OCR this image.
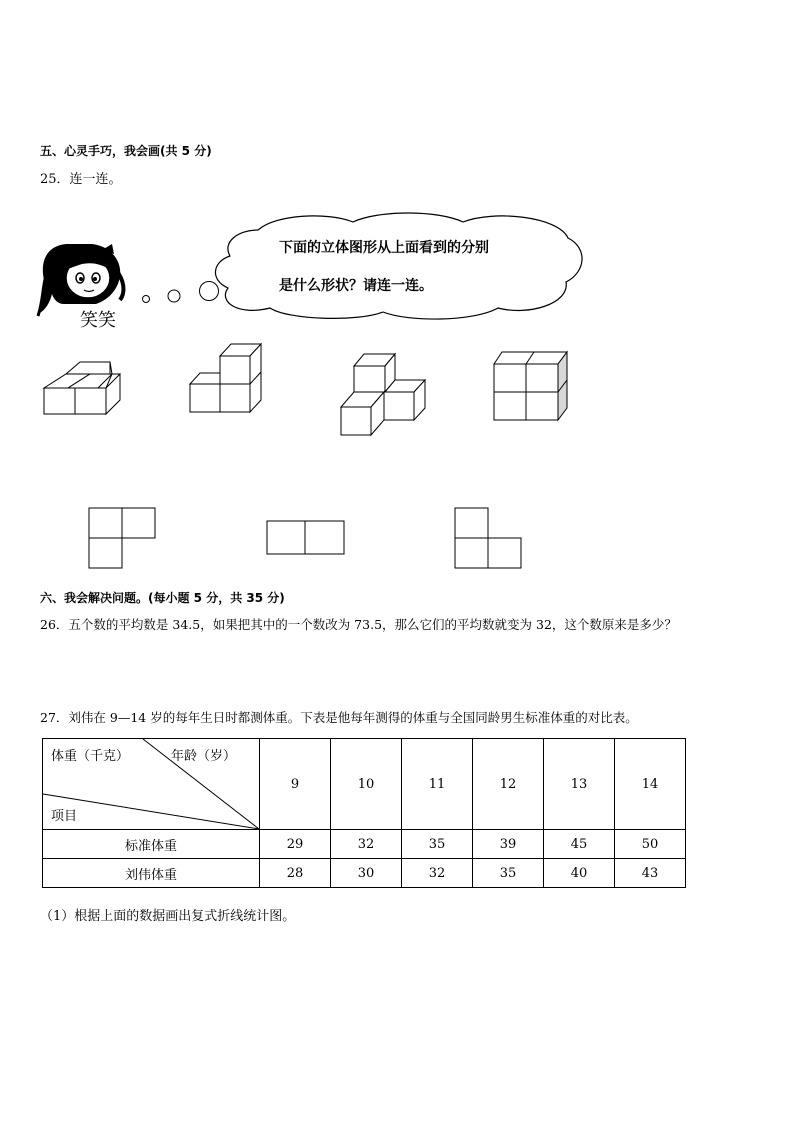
五、心灵手巧，我会画(共 5 分)
25．连一连。
笑笑
下面的立体图形从上面看到的分别
是什么形状？请连一连。
六、我会解决问题。(每小题 5 分，共 35 分)
26．五个数的平均数是 34.5，如果把其中的一个数改为 73.5，那么它们的平均数就变为 32，这个数原来是多少？
27．刘伟在 9—14 岁的每年生日时都测体重。下表是他每年测得的体重与全国同龄男生标准体重的对比表。
体重（千克） 年龄（岁）
项目	9	10	11	12	13	14
标准体重	29	32	35	39	45	50
刘伟体重	28	30	32	35	40	43
（1）根据上面的数据画出复式折线统计图。
